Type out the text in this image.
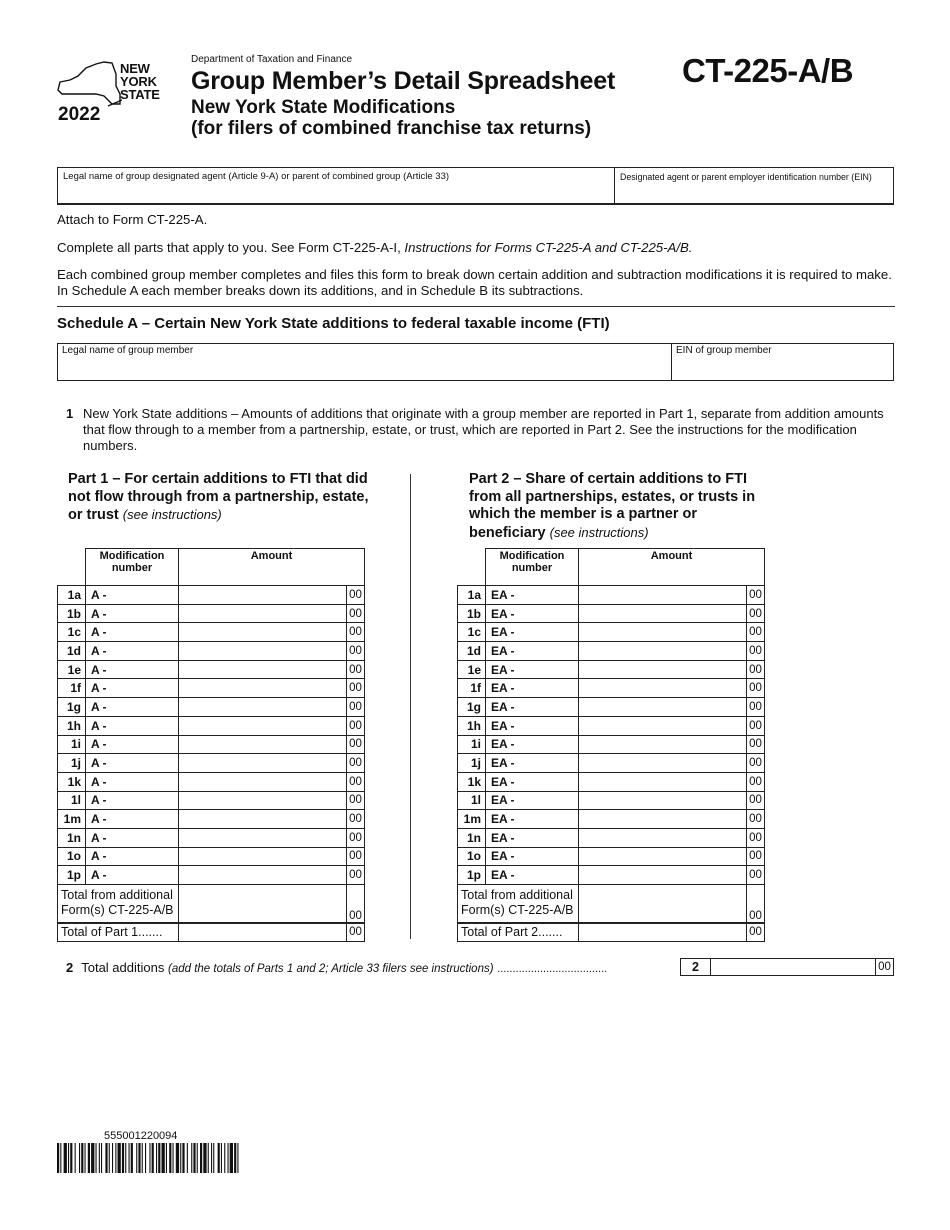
NEW
YORK
STATE
2022
Department of Taxation and Finance
Group Member’s Detail Spreadsheet
New York State Modifications
(for filers of combined franchise tax returns)
CT-225-A/B
Legal name of group designated agent (Article 9-A) or parent of combined group (Article 33)	Designated agent or parent employer identification number (EIN)
Attach to Form CT-225-A.
Complete all parts that apply to you. See Form CT-225-A-I, Instructions for Forms CT-225-A and CT-225-A/B.
Each combined group member completes and files this form to break down certain addition and subtraction modifications it is required to make. In Schedule A each member breaks down its additions, and in Schedule B its subtractions.
Schedule A – Certain New York State additions to federal taxable income (FTI)
Legal name of group member	EIN of group member
1 New York State additions – Amounts of additions that originate with a group member are reported in Part 1, separate from addition amounts that flow through to a member from a partnership, estate, or trust, which are reported in Part 2. See the instructions for the modification numbers.
Part 1 – For certain additions to FTI that did not flow through from a partnership, estate, or trust (see instructions)
Part 2 – Share of certain additions to FTI from all partnerships, estates, or trusts in which the member is a partner or beneficiary (see instructions)
	Modification number	Amount	
1a	A -		00
1b	A -		00
1c	A -		00
1d	A -		00
1e	A -		00
1f	A -		00
1g	A -		00
1h	A -		00
1i	A -		00
1j	A -		00
1k	A -		00
1l	A -		00
1m	A -		00
1n	A -		00
1o	A -		00
1p	A -		00
Total from additional Form(s) CT-225-A/B			00
Total of Part 1.......			00
	Modification number	Amount	
1a	EA -		00
1b	EA -		00
1c	EA -		00
1d	EA -		00
1e	EA -		00
1f	EA -		00
1g	EA -		00
1h	EA -		00
1i	EA -		00
1j	EA -		00
1k	EA -		00
1l	EA -		00
1m	EA -		00
1n	EA -		00
1o	EA -		00
1p	EA -		00
Total from additional Form(s) CT-225-A/B			00
Total of Part 2.......			00
2 Total additions (add the totals of Parts 1 and 2; Article 33 filers see instructions) ....................................	2	00
555001220094
